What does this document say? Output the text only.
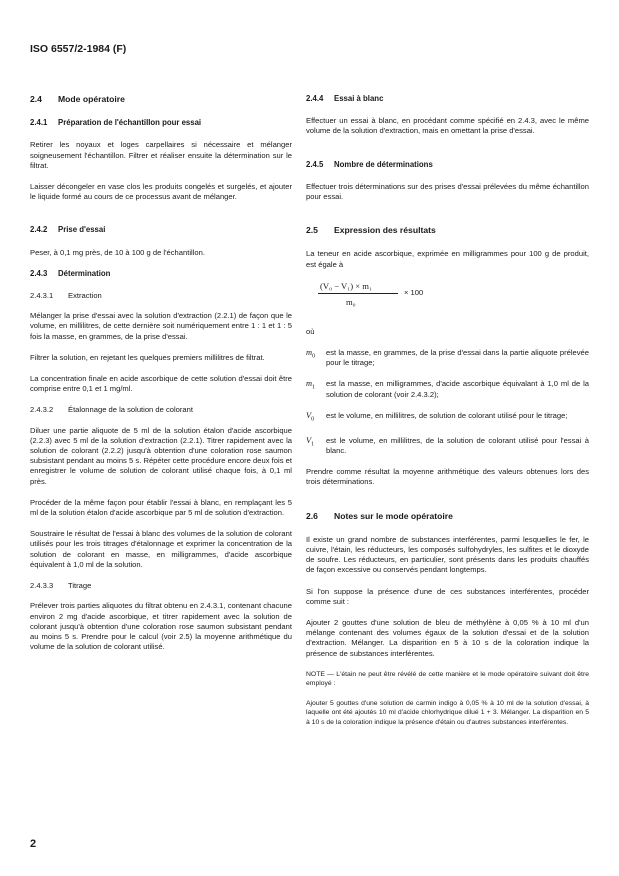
ISO 6557/2-1984 (F)
2.4 Mode opératoire
2.4.1 Préparation de l'échantillon pour essai

Retirer les noyaux et loges carpellaires si nécessaire et mélanger soigneusement l'échantillon. Filtrer et réaliser ensuite la détermination sur le filtrat.

Laisser décongeler en vase clos les produits congelés et surgelés, et ajouter le liquide formé au cours de ce processus avant de mélanger.

2.4.2 Prise d'essai

Peser, à 0,1 mg près, de 10 à 100 g de l'échantillon.

2.4.3 Détermination
2.4.3.1 Extraction

Mélanger la prise d'essai avec la solution d'extraction (2.2.1) de façon que le volume, en millilitres, de cette dernière soit numériquement entre 1 : 1 et 1 : 5 fois la masse, en grammes, de la prise d'essai.

Filtrer la solution, en rejetant les quelques premiers millilitres de filtrat.

La concentration finale en acide ascorbique de cette solution d'essai doit être comprise entre 0,1 et 1 mg/ml.

2.4.3.2 Étalonnage de la solution de colorant

Diluer une partie aliquote de 5 ml de la solution étalon d'acide ascorbique (2.2.3) avec 5 ml de la solution d'extraction (2.2.1). Titrer rapidement avec la solution de colorant (2.2.2) jusqu'à obtention d'une coloration rose saumon subsistant pendant au moins 5 s. Répéter cette procédure encore deux fois et enregistrer le volume de solution de colorant utilisé chaque fois, à 0,1 ml près.

Procéder de la même façon pour établir l'essai à blanc, en remplaçant les 5 ml de la solution étalon d'acide ascorbique par 5 ml de solution d'extraction.

Soustraire le résultat de l'essai à blanc des volumes de la solution de colorant utilisés pour les trois titrages d'étalonnage et exprimer la concentration de la solution de colorant en masse, en milligrammes, d'acide ascorbique équivalent à 1,0 ml de la solution.

2.4.3.3 Titrage

Prélever trois parties aliquotes du filtrat obtenu en 2.4.3.1, contenant chacune environ 2 mg d'acide ascorbique, et titrer rapidement avec la solution de colorant jusqu'à obtention d'une coloration rose saumon subsistant pendant au moins 5 s. Prendre pour le calcul (voir 2.5) la moyenne arithmétique du volume de la solution de colorant utilisé.

2.4.4 Essai à blanc

Effectuer un essai à blanc, en procédant comme spécifié en 2.4.3, avec le même volume de la solution d'extraction, mais en omettant la prise d'essai.

2.4.5 Nombre de déterminations

Effectuer trois déterminations sur des prises d'essai prélevées du même échantillon pour essai.

2.5 Expression des résultats

La teneur en acide ascorbique, exprimée en milligrammes pour 100 g de produit, est égale à

(V₀ − V₁) × m₁
m₀
× 100

où

$m_0$	est la masse, en grammes, de la prise d'essai dans la partie aliquote prélevée pour le titrage;
$m_1$	est la masse, en milligrammes, d'acide ascorbique équivalant à 1,0 ml de la solution de colorant (voir 2.4.3.2);
$V_0$	est le volume, en millilitres, de solution de colorant utilisé pour le titrage;
$V_1$	est le volume, en millilitres, de la solution de colorant utilisé pour l'essai à blanc.

Prendre comme résultat la moyenne arithmétique des valeurs obtenues lors des trois déterminations.

2.6 Notes sur le mode opératoire

Il existe un grand nombre de substances interférentes, parmi lesquelles le fer, le cuivre, l'étain, les réducteurs, les composés sulfohydryles, les sulfites et le dioxyde de soufre. Les réducteurs, en particulier, sont présents dans les produits chauffés de façon excessive ou conservés pendant longtemps.

Si l'on suppose la présence d'une de ces substances interférentes, procéder comme suit :

Ajouter 2 gouttes d'une solution de bleu de méthylène à 0,05 % à 10 ml d'un mélange contenant des volumes égaux de la solution d'essai et de la solution d'extraction. Mélanger. La disparition en 5 à 10 s de la coloration indique la présence de substances interférentes.

NOTE — L'étain ne peut être révélé de cette manière et le mode opératoire suivant doit être employé :

Ajouter 5 gouttes d'une solution de carmin indigo à 0,05 % à 10 ml de la solution d'essai, à laquelle ont été ajoutés 10 ml d'acide chlorhydrique dilué 1 + 3. Mélanger. La disparition en 5 à 10 s de la coloration indique la présence d'étain ou d'autres substances interférentes.

2
